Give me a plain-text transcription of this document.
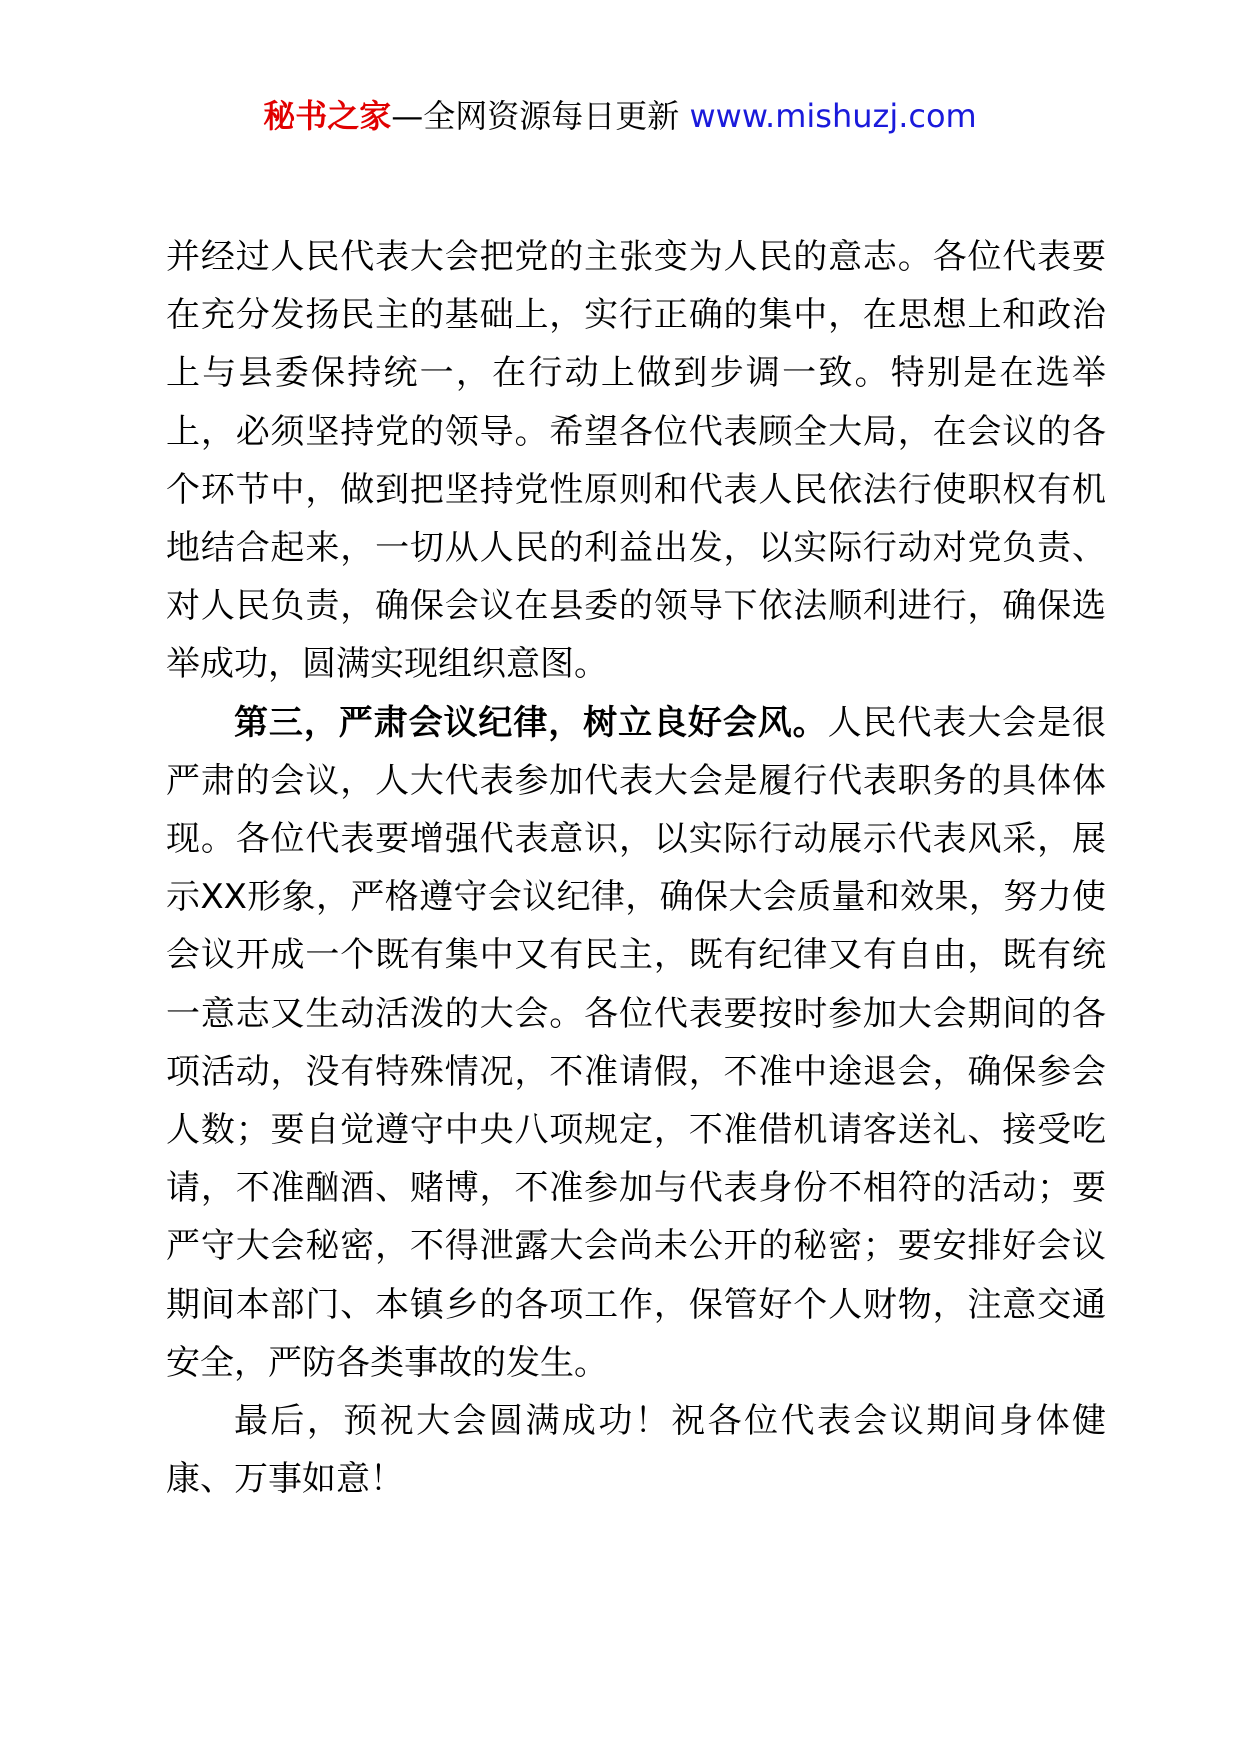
秘书之家—全网资源每日更新 www.mishuzj.com

并经过人民代表大会把党的主张变为人民的意志。各位代表要在充分发扬民主的基础上，实行正确的集中，在思想上和政治上与县委保持统一，在行动上做到步调一致。特别是在选举上，必须坚持党的领导。希望各位代表顾全大局，在会议的各个环节中，做到把坚持党性原则和代表人民依法行使职权有机地结合起来，一切从人民的利益出发，以实际行动对党负责、对人民负责，确保会议在县委的领导下依法顺利进行，确保选举成功，圆满实现组织意图。

第三，严肃会议纪律，树立良好会风。人民代表大会是很严肃的会议，人大代表参加代表大会是履行代表职务的具体体现。各位代表要增强代表意识，以实际行动展示代表风采，展示XX形象，严格遵守会议纪律，确保大会质量和效果，努力使会议开成一个既有集中又有民主，既有纪律又有自由，既有统一意志又生动活泼的大会。各位代表要按时参加大会期间的各项活动，没有特殊情况，不准请假，不准中途退会，确保参会人数；要自觉遵守中央八项规定，不准借机请客送礼、接受吃请，不准酗酒、赌博，不准参加与代表身份不相符的活动；要严守大会秘密，不得泄露大会尚未公开的秘密；要安排好会议期间本部门、本镇乡的各项工作，保管好个人财物，注意交通安全，严防各类事故的发生。

最后，预祝大会圆满成功！祝各位代表会议期间身体健康、万事如意！
